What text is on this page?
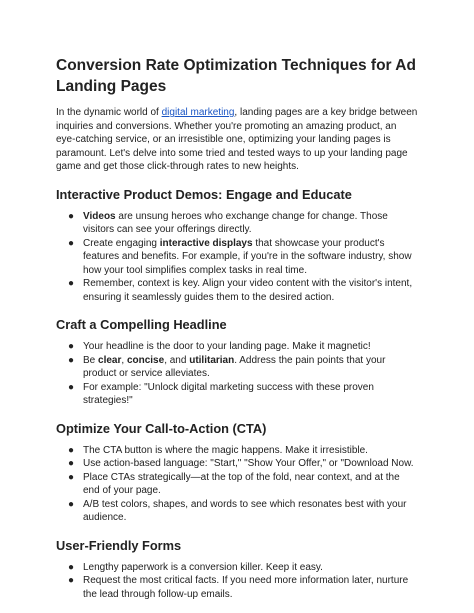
Conversion Rate Optimization Techniques for Ad Landing Pages

In the dynamic world of digital marketing, landing pages are a key bridge between inquiries and conversions. Whether you're promoting an amazing product, an eye-catching service, or an irresistible one, optimizing your landing pages is paramount. Let's delve into some tried and tested ways to up your landing page game and get those click-through rates to new heights.

Interactive Product Demos: Engage and Educate
● Videos are unsung heroes who exchange change for change. Those visitors can see your offerings directly.
● Create engaging interactive displays that showcase your product's features and benefits. For example, if you're in the software industry, show how your tool simplifies complex tasks in real time.
● Remember, context is key. Align your video content with the visitor's intent, ensuring it seamlessly guides them to the desired action.
Craft a Compelling Headline
● Your headline is the door to your landing page. Make it magnetic!
● Be clear, concise, and utilitarian. Address the pain points that your product or service alleviates.
● For example: "Unlock digital marketing success with these proven strategies!"
Optimize Your Call-to-Action (CTA)
● The CTA button is where the magic happens. Make it irresistible.
● Use action-based language: "Start," "Show Your Offer," or "Download Now.
● Place CTAs strategically—at the top of the fold, near context, and at the end of your page.
● A/B test colors, shapes, and words to see which resonates best with your audience.
User-Friendly Forms
● Lengthy paperwork is a conversion killer. Keep it easy.
● Request the most critical facts. If you need more information later, nurture the lead through follow-up emails.
